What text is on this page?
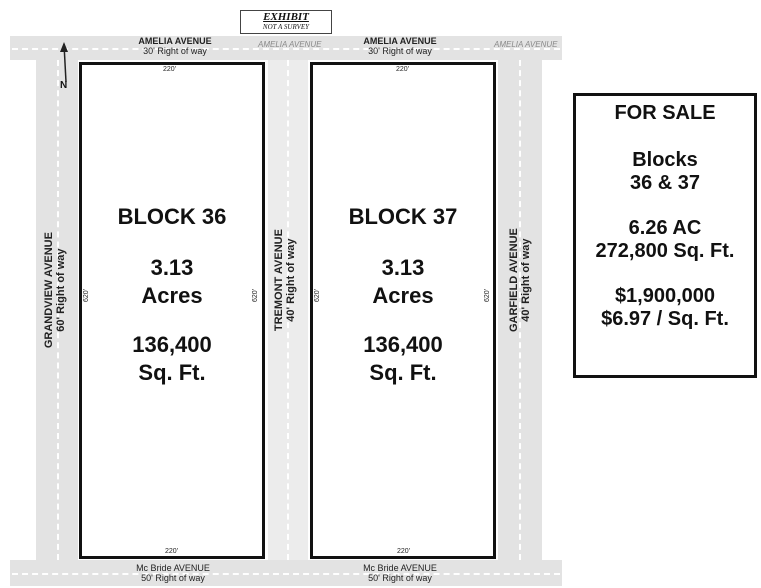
EXHIBIT
NOT A SURVEY
AMELIA AVENUE
30' Right of way
AMELIA AVENUE	AMELIA AVENUE
30' Right of way
AMELIA AVENUE
Mc Bride AVENUE
50' Right of way
Mc Bride AVENUE
50' Right of way
GRANDVIEW AVENUE 60' Right of way	TREMONT AVENUE 40' Right of way	GARFIELD AVENUE 40' Right of way
N
220'
220'
620'	620'
BLOCK 36
3.13
Acres
136,400
Sq. Ft.
220'
220'
620'	620'
BLOCK 37
3.13
Acres
136,400
Sq. Ft.
FOR SALE
Blocks
36 & 37
6.26 AC
272,800 Sq. Ft.
$1,900,000
$6.97 / Sq. Ft.
